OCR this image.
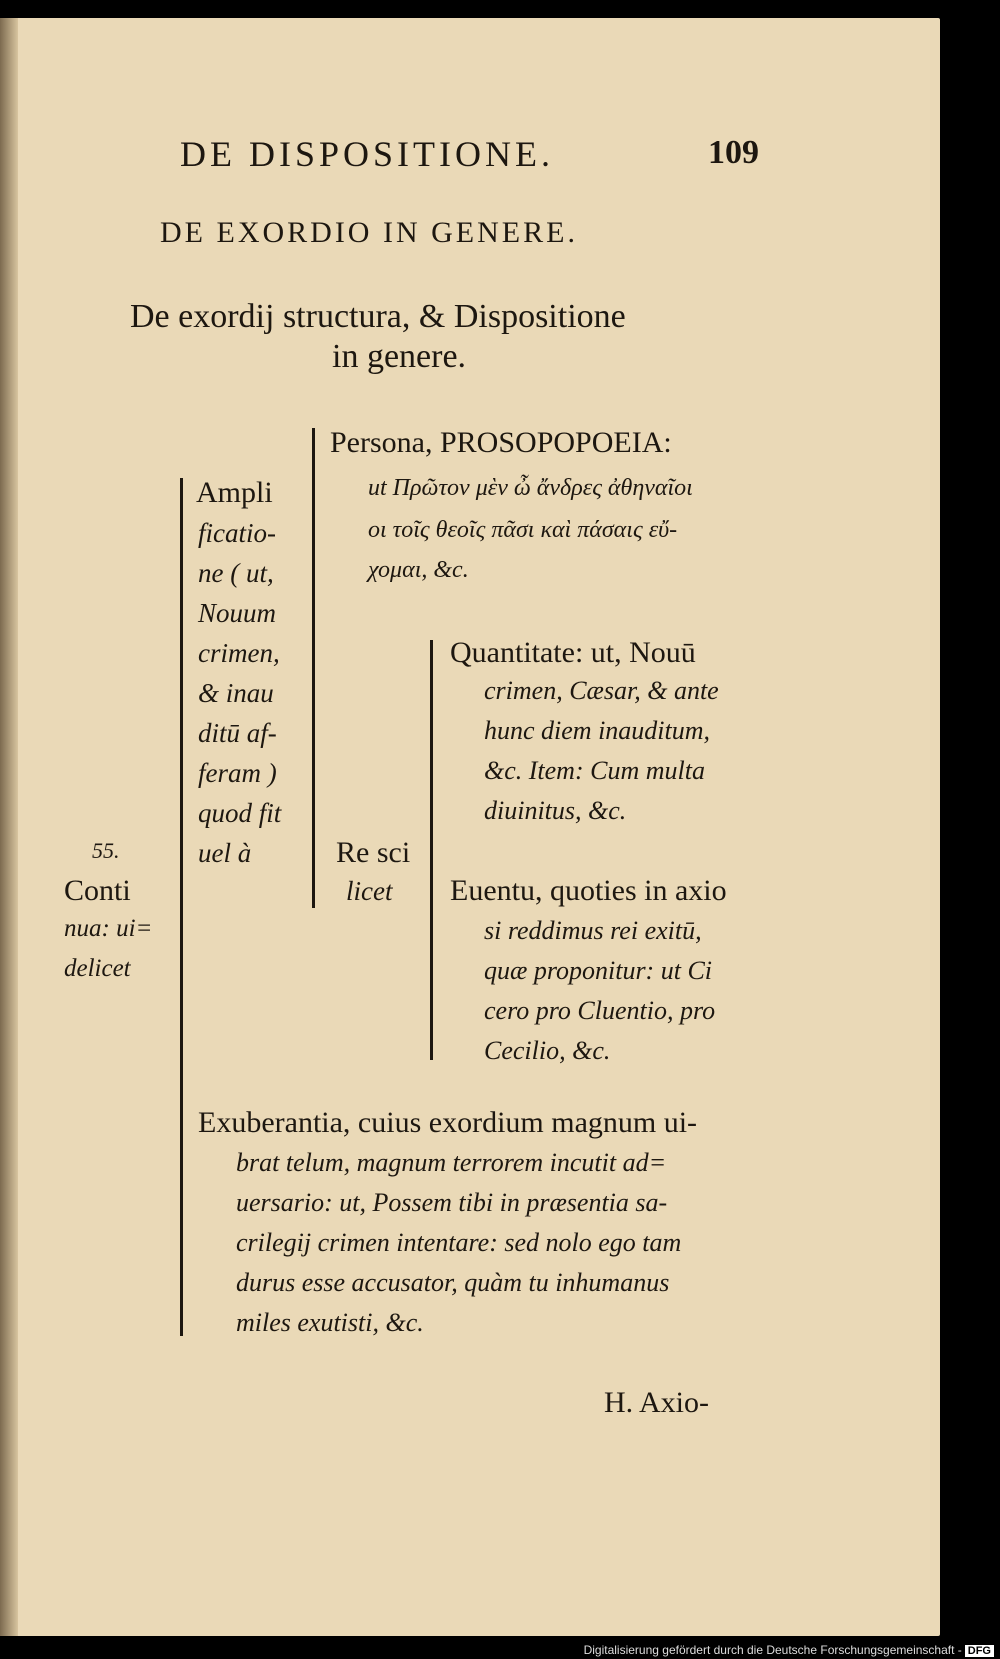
DE DISPOSITIONE.	109
DE EXORDIO IN GENERE.
De exordij structura, & Dispositione
in genere.
Persona, PROSOPOPOEIA:
ut Πρῶτον μὲν ὦ ἄνδρες ἀθηναῖοι
οι τοῖς θεοῖς πᾶσι καὶ πάσαις εὔ-
χομαι, &c.
Ampli
ficatio-
ne ( ut,
Nouum
crimen,
& inau
ditū af-
feram )
quod fit
uel à
55.
Conti
nua: ui=
delicet
Re sci
licet
Quantitate: ut, Nouū
crimen, Cæsar, & ante
hunc diem inauditum,
&c. Item: Cum multa
diuinitus, &c.
Euentu, quoties in axio
si reddimus rei exitū,
quæ proponitur: ut Ci
cero pro Cluentio, pro
Cecilio, &c.
Exuberantia, cuius exordium magnum ui-
brat telum, magnum terrorem incutit ad=
uersario: ut, Possem tibi in præsentia sa-
crilegij crimen intentare: sed nolo ego tam
durus esse accusator, quàm tu inhumanus
miles exutisti, &c.
H. Axio-
Digitalisierung gefördert durch die Deutsche Forschungsgemeinschaft - DFG
